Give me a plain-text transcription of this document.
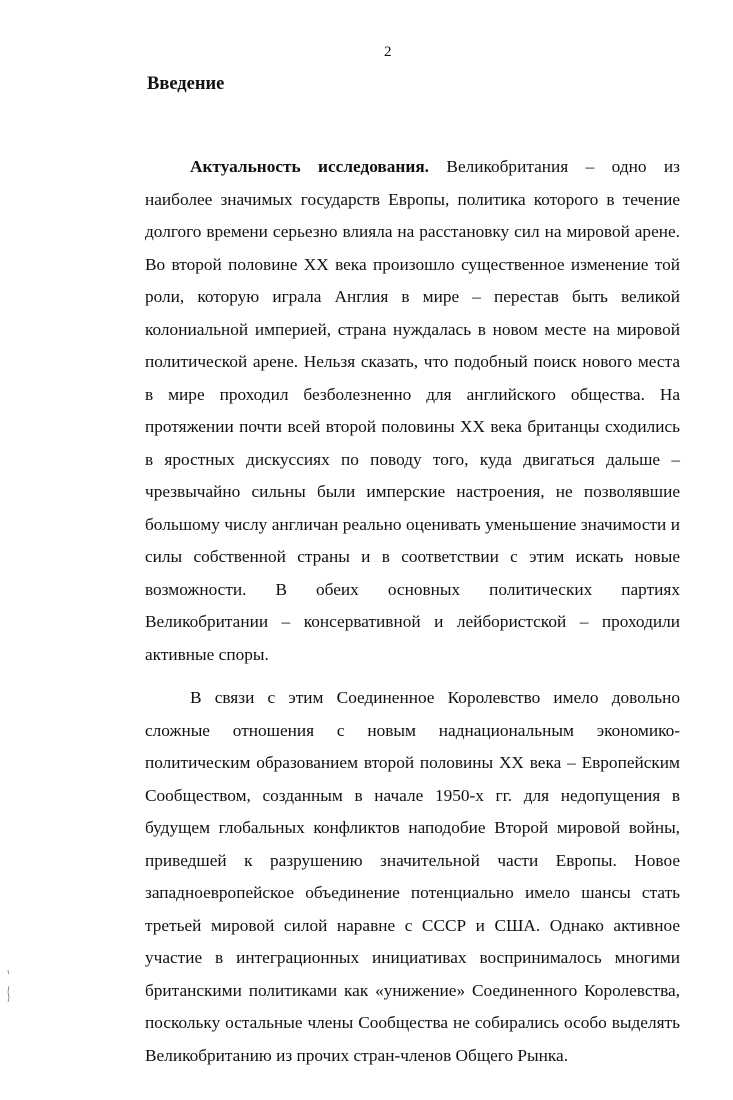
2
Введение

Актуальность исследования. Великобритания – одно из наиболее значимых государств Европы, политика которого в течение долгого времени серьезно влияла на расстановку сил на мировой арене. Во второй половине XX века произошло существенное изменение той роли, которую играла Англия в мире – перестав быть великой колониальной империей, страна нуждалась в новом месте на мировой политической арене. Нельзя сказать, что подобный поиск нового места в мире проходил безболезненно для английского общества. На протяжении почти всей второй половины XX века британцы сходились в яростных дискуссиях по поводу того, куда двигаться дальше – чрезвычайно сильны были имперские настроения, не позволявшие большому числу англичан реально оценивать уменьшение значимости и силы собственной страны и в соответствии с этим искать новые возможности. В обеих основных политических партиях Великобритании – консервативной и лейбористской – проходили активные споры.

В связи с этим Соединенное Королевство имело довольно сложные отношения с новым наднациональным экономико-политическим образованием второй половины XX века – Европейским Сообществом, созданным в начале 1950-х гг. для недопущения в будущем глобальных конфликтов наподобие Второй мировой войны, приведшей к разрушению значительной части Европы. Новое западноевропейское объединение потенциально имело шансы стать третьей мировой силой наравне с СССР и США. Однако активное участие в интеграционных инициативах воспринималось многими британскими политиками как «унижение» Соединенного Королевства, поскольку остальные члены Сообщества не собирались особо выделять Великобританию из прочих стран-членов Общего Рынка.
